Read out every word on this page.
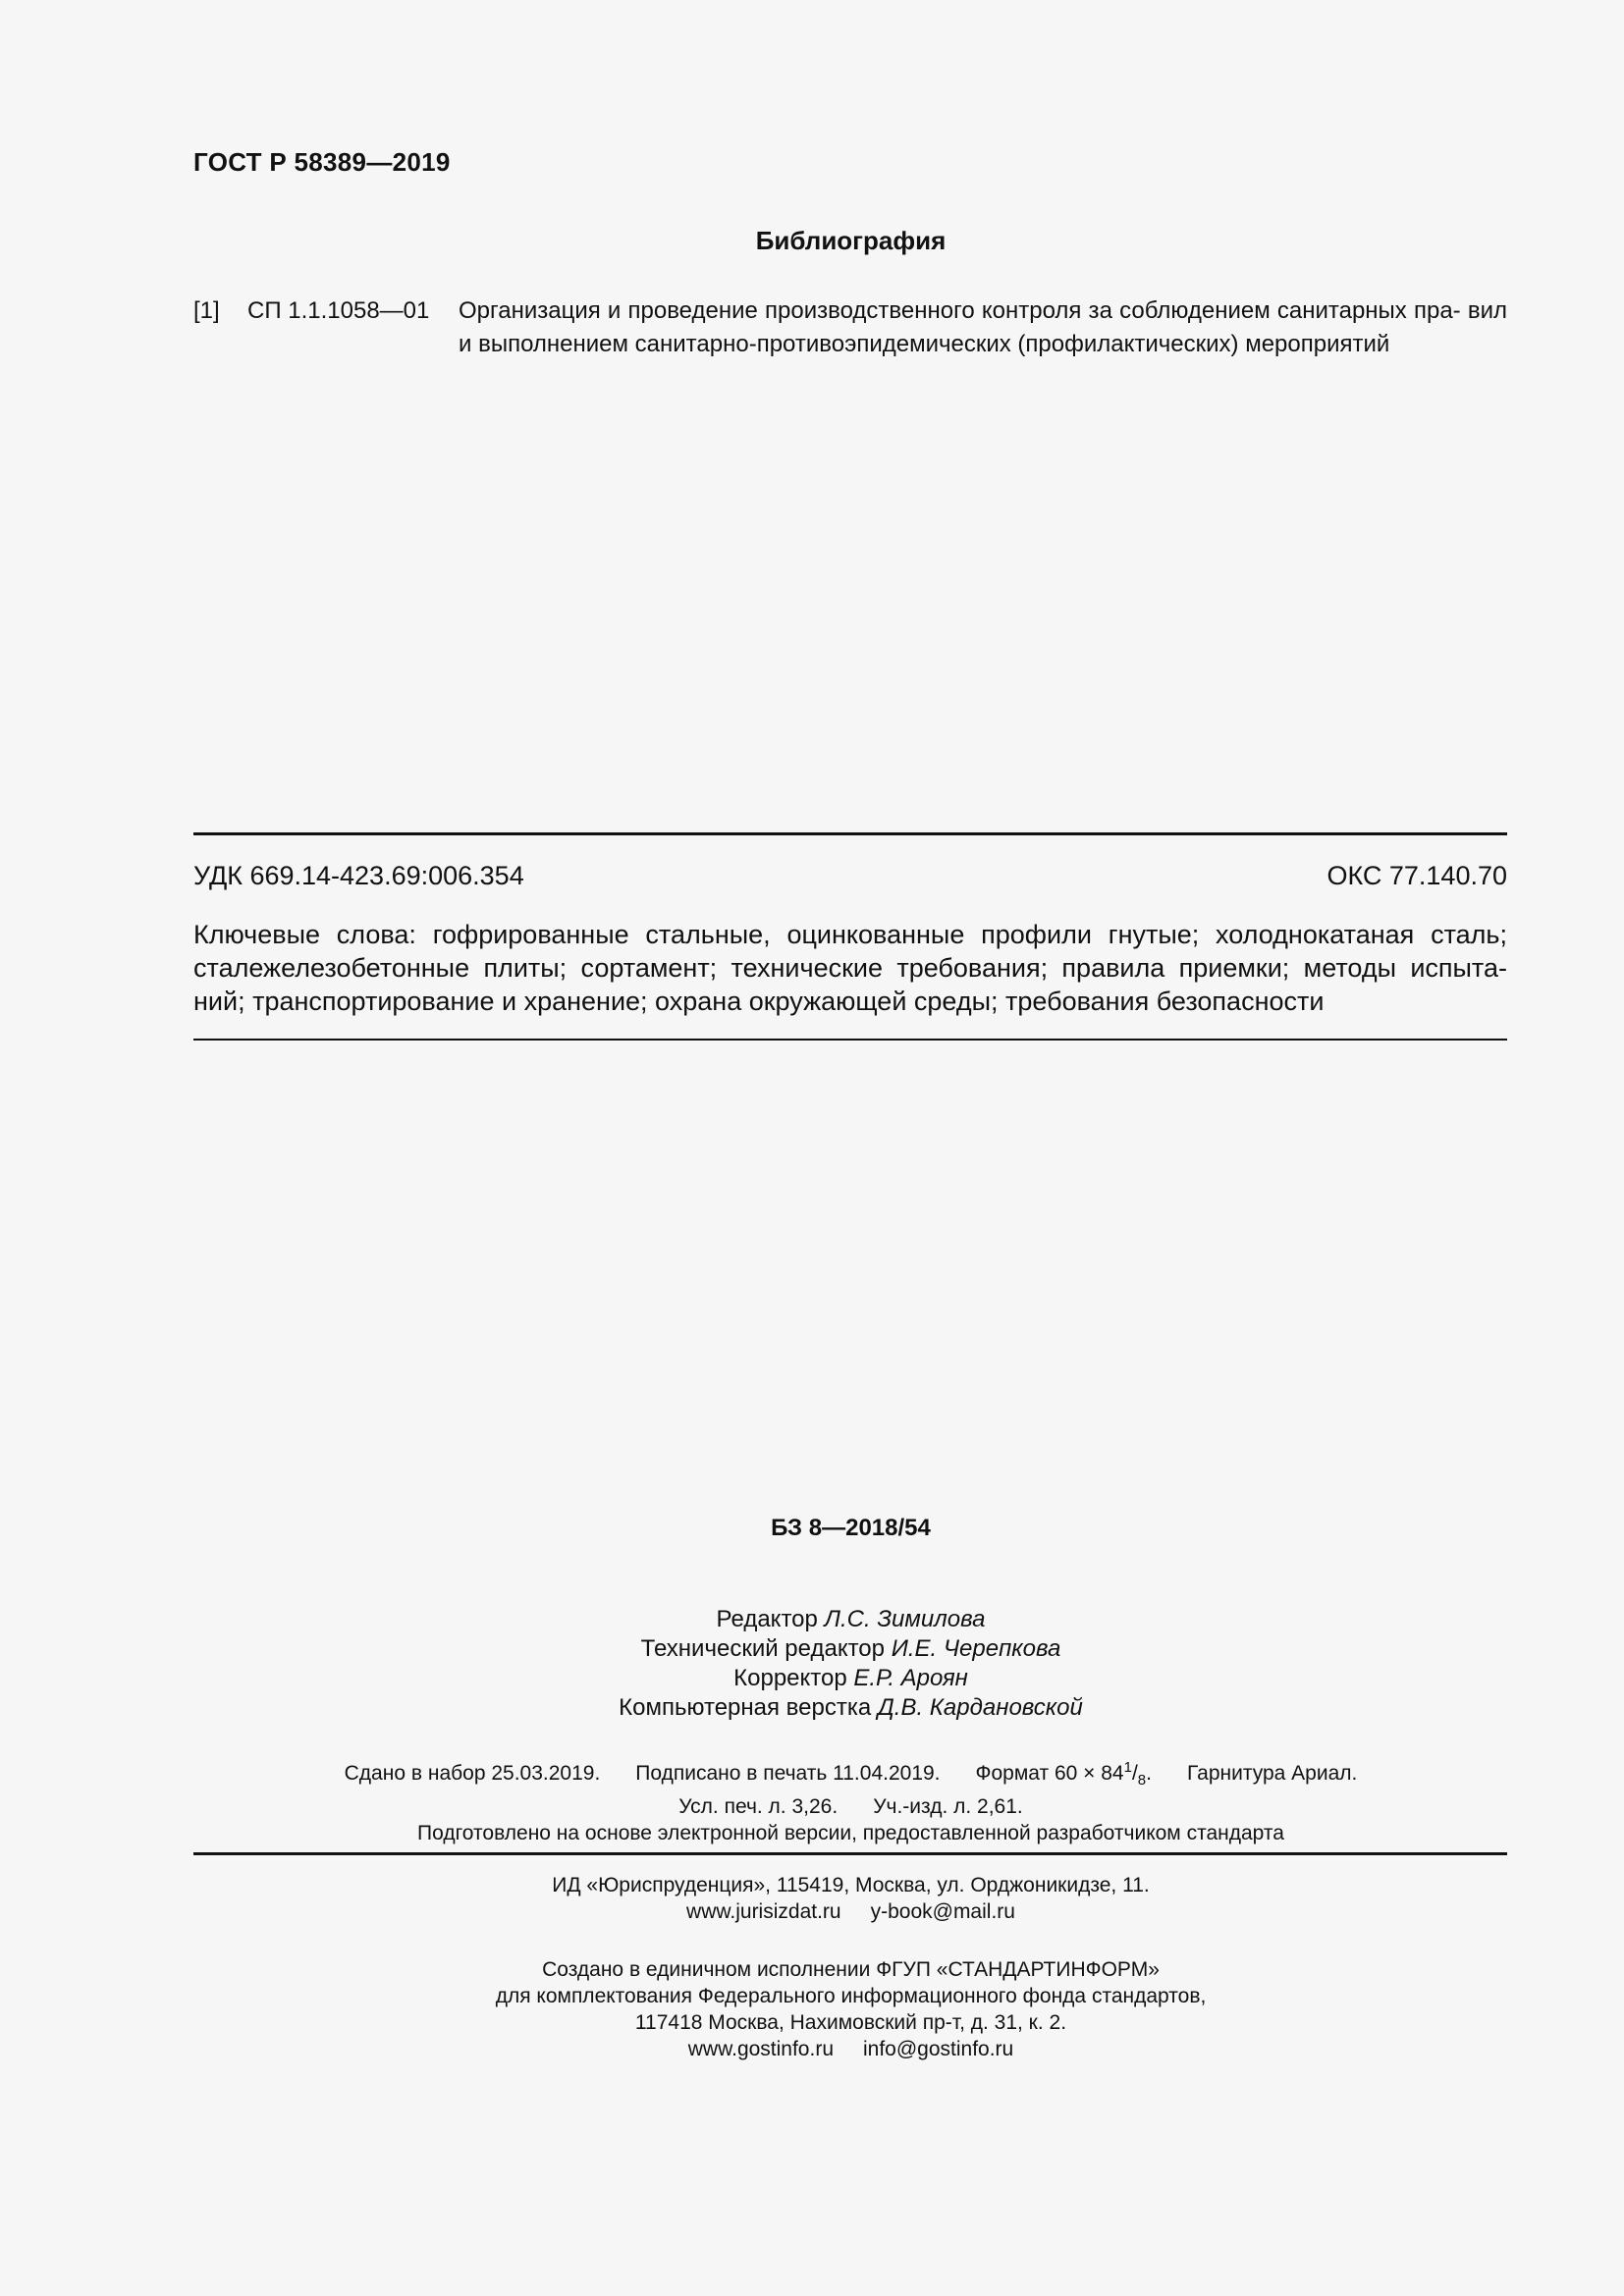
ГОСТ Р 58389—2019
Библиография
[1]	СП 1.1.1058—01	Организация и проведение производственного контроля за соблюдением санитарных пра- вил и выполнением санитарно-противоэпидемических (профилактических) мероприятий
УДК 669.14-423.69:006.354	ОКС 77.140.70
Ключевые слова: гофрированные стальные, оцинкованные профили гнутые; холоднокатаная сталь; сталежелезобетонные плиты; сортамент; технические требования; правила приемки; методы испыта- ний; транспортирование и хранение; охрана окружающей среды; требования безопасности
БЗ 8—2018/54
Редактор Л.С. Зимилова
Технический редактор И.Е. Черепкова
Корректор Е.Р. Ароян
Компьютерная верстка Д.В. Кардановской
Сдано в набор 25.03.2019. Подписано в печать 11.04.2019. Формат $60 \times 84^1/_8$. Гарнитура Ариал.
Усл. печ. л. 3,26. Уч.-изд. л. 2,61.
Подготовлено на основе электронной версии, предоставленной разработчиком стандарта
ИД «Юриспруденция», 115419, Москва, ул. Орджоникидзе, 11.
www.jurisizdat.ru y-book@mail.ru
Создано в единичном исполнении ФГУП «СТАНДАРТИНФОРМ»
для комплектования Федерального информационного фонда стандартов,
117418 Москва, Нахимовский пр-т, д. 31, к. 2.
www.gostinfo.ru info@gostinfo.ru
